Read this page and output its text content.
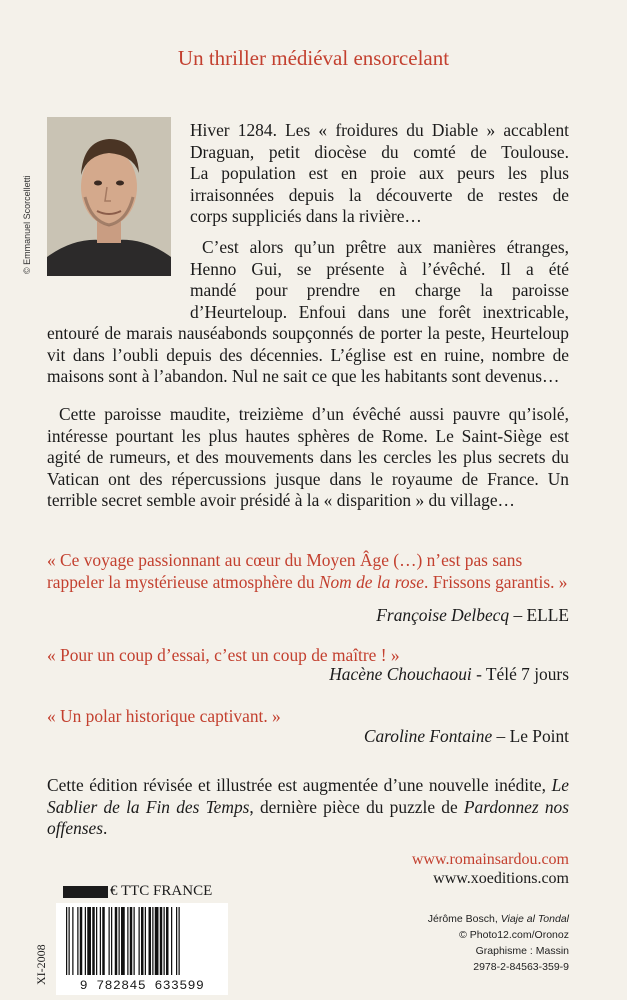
Un thriller médiéval ensorcelant
© Emmanuel Scorcelletti
Hiver 1284. Les « froidures du Diable » accablent
Draguan, petit diocèse du comté de Toulouse.
La population est en proie aux peurs les plus
irraisonnées depuis la découverte de restes de
corps suppliciés dans la rivière…
C’est alors qu’un prêtre aux manières étranges,
Henno Gui, se présente à l’évêché. Il a été
mandé pour prendre en charge la paroisse
d’Heurteloup. Enfoui dans une forêt inextricable,
entouré de marais nauséabonds soupçonnés de porter la peste, Heurteloup vit dans l’oubli depuis des décennies. L’église est en ruine, nombre de maisons sont à l’abandon. Nul ne sait ce que les habitants sont devenus…
Cette paroisse maudite, treizième d’un évêché aussi pauvre qu’isolé, intéresse pourtant les plus hautes sphères de Rome. Le Saint-Siège est agité de rumeurs, et des mouvements dans les cercles les plus secrets du Vatican ont des répercussions jusque dans le royaume de France. Un terrible secret semble avoir présidé à la « disparition » du village…
« Ce voyage passionnant au cœur du Moyen Âge (…) n’est pas sans rappeler la mystérieuse atmosphère du Nom de la rose. Frissons garantis. »
Françoise Delbecq – ELLE
« Pour un coup d’essai, c’est un coup de maître ! »
Hacène Chouchaoui - Télé 7 jours
« Un polar historique captivant. »
Caroline Fontaine – Le Point
Cette édition révisée et illustrée est augmentée d’une nouvelle inédite, Le Sablier de la Fin des Temps, dernière pièce du puzzle de Pardonnez nos offenses.
www.romainsardou.com
www.xoeditions.com
€ TTC FRANCE
9 782845 633599
XI-2008
Jérôme Bosch, Viaje al Tondal
© Photo12.com/Oronoz
Graphisme : Massin
2978-2-84563-359-9
